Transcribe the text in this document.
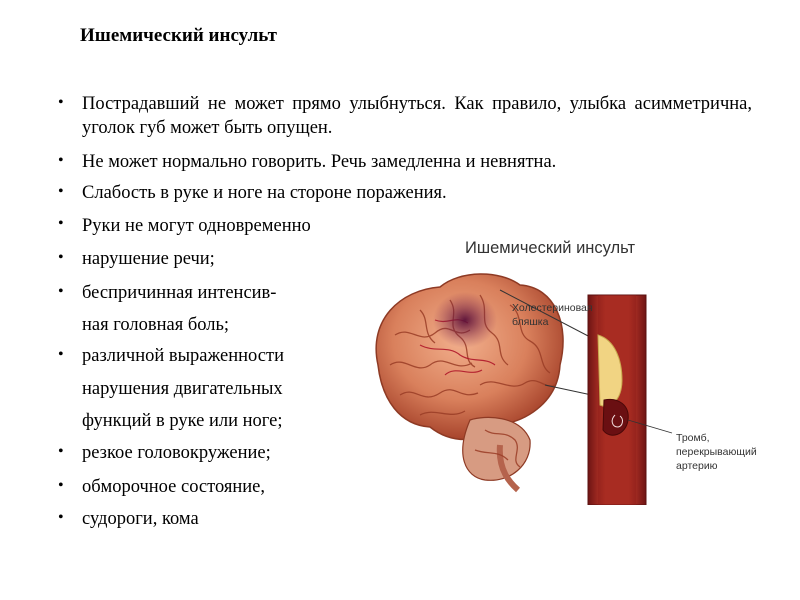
Ишемический инсульт
•
•
•
•
•
•
•
•
•
•
Пострадавший не может прямо улыбнуться. Как правило, улыбка асимметрична, уголок губ может быть опущен.
Не может нормально говорить. Речь замедленна и невнятна.
Слабость в руке и ноге на стороне поражения.
Руки не могут одновременно
нарушение речи;
беспричинная интенсив-
ная головная боль;
различной выраженности
нарушения двигательных
функций в руке или ноге;
резкое головокружение;
обморочное состояние,
судороги, кома
Ишемический инсульт
Холестериновая
бляшка
Тромб,
перекрывающий
артерию
